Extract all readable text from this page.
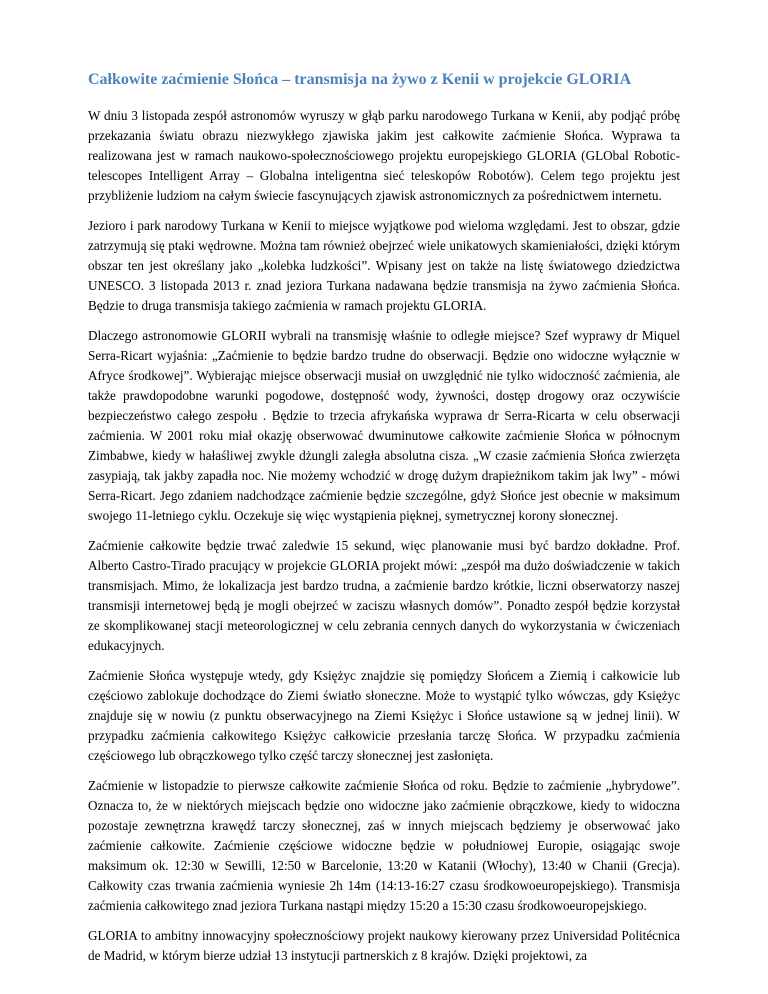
Całkowite zaćmienie Słońca – transmisja na żywo z Kenii w projekcie GLORIA

W dniu 3 listopada zespół astronomów wyruszy w głąb parku narodowego Turkana w Kenii, aby podjąć próbę przekazania światu obrazu niezwykłego zjawiska jakim jest całkowite zaćmienie Słońca. Wyprawa ta realizowana jest w ramach naukowo-społecznościowego projektu europejskiego GLORIA (GLObal Robotic-telescopes Intelligent Array – Globalna inteligentna sieć teleskopów Robotów). Celem tego projektu jest przybliżenie ludziom na całym świecie fascynujących zjawisk astronomicznych za pośrednictwem internetu.

Jezioro i park narodowy Turkana w Kenii to miejsce wyjątkowe pod wieloma względami. Jest to obszar, gdzie zatrzymują się ptaki wędrowne. Można tam również obejrzeć wiele unikatowych skamieniałości, dzięki którym obszar ten jest określany jako „kolebka ludzkości”. Wpisany jest on także na listę światowego dziedzictwa UNESCO. 3 listopada 2013 r. znad jeziora Turkana nadawana będzie transmisja na żywo zaćmienia Słońca. Będzie to druga transmisja takiego zaćmienia w ramach projektu GLORIA.

Dlaczego astronomowie GLORII wybrali na transmisję właśnie to odległe miejsce? Szef wyprawy dr Miquel Serra-Ricart wyjaśnia: „Zaćmienie to będzie bardzo trudne do obserwacji. Będzie ono widoczne wyłącznie w Afryce środkowej”. Wybierając miejsce obserwacji musiał on uwzględnić nie tylko widoczność zaćmienia, ale także prawdopodobne warunki pogodowe, dostępność wody, żywności, dostęp drogowy oraz oczywiście bezpieczeństwo całego zespołu . Będzie to trzecia afrykańska wyprawa dr Serra-Ricarta w celu obserwacji zaćmienia. W 2001 roku miał okazję obserwować dwuminutowe całkowite zaćmienie Słońca w północnym Zimbabwe, kiedy w hałaśliwej zwykle dżungli zaległa absolutna cisza. „W czasie zaćmienia Słońca zwierzęta zasypiają, tak jakby zapadła noc. Nie możemy wchodzić w drogę dużym drapieżnikom takim jak lwy” - mówi Serra-Ricart. Jego zdaniem nadchodzące zaćmienie będzie szczególne, gdyż Słońce jest obecnie w maksimum swojego 11-letniego cyklu. Oczekuje się więc wystąpienia pięknej, symetrycznej korony słonecznej.

Zaćmienie całkowite będzie trwać zaledwie 15 sekund, więc planowanie musi być bardzo dokładne. Prof. Alberto Castro-Tirado pracujący w projekcie GLORIA projekt mówi: „zespół ma dużo doświadczenie w takich transmisjach. Mimo, że lokalizacja jest bardzo trudna, a zaćmienie bardzo krótkie, liczni obserwatorzy naszej transmisji internetowej będą je mogli obejrzeć w zaciszu własnych domów”. Ponadto zespół będzie korzystał ze skomplikowanej stacji meteorologicznej w celu zebrania cennych danych do wykorzystania w ćwiczeniach edukacyjnych.

Zaćmienie Słońca występuje wtedy, gdy Księżyc znajdzie się pomiędzy Słońcem a Ziemią i całkowicie lub częściowo zablokuje dochodzące do Ziemi światło słoneczne. Może to wystąpić tylko wówczas, gdy Księżyc znajduje się w nowiu (z punktu obserwacyjnego na Ziemi Księżyc i Słońce ustawione są w jednej linii). W przypadku zaćmienia całkowitego Księżyc całkowicie przesłania tarczę Słońca. W przypadku zaćmienia częściowego lub obrączkowego tylko część tarczy słonecznej jest zasłonięta.

Zaćmienie w listopadzie to pierwsze całkowite zaćmienie Słońca od roku. Będzie to zaćmienie „hybrydowe”. Oznacza to, że w niektórych miejscach będzie ono widoczne jako zaćmienie obrączkowe, kiedy to widoczna pozostaje zewnętrzna krawędź tarczy słonecznej, zaś w innych miejscach będziemy je obserwować jako zaćmienie całkowite. Zaćmienie częściowe widoczne będzie w południowej Europie, osiągając swoje maksimum ok. 12:30 w Sewilli, 12:50 w Barcelonie, 13:20 w Katanii (Włochy), 13:40 w Chanii (Grecja). Całkowity czas trwania zaćmienia wyniesie 2h 14m (14:13-16:27 czasu środkowoeuropejskiego). Transmisja zaćmienia całkowitego znad jeziora Turkana nastąpi między 15:20 a 15:30 czasu środkowoeuropejskiego.

GLORIA to ambitny innowacyjny społecznościowy projekt naukowy kierowany przez Universidad Politécnica de Madrid, w którym bierze udział 13 instytucji partnerskich z 8 krajów. Dzięki projektowi, za
